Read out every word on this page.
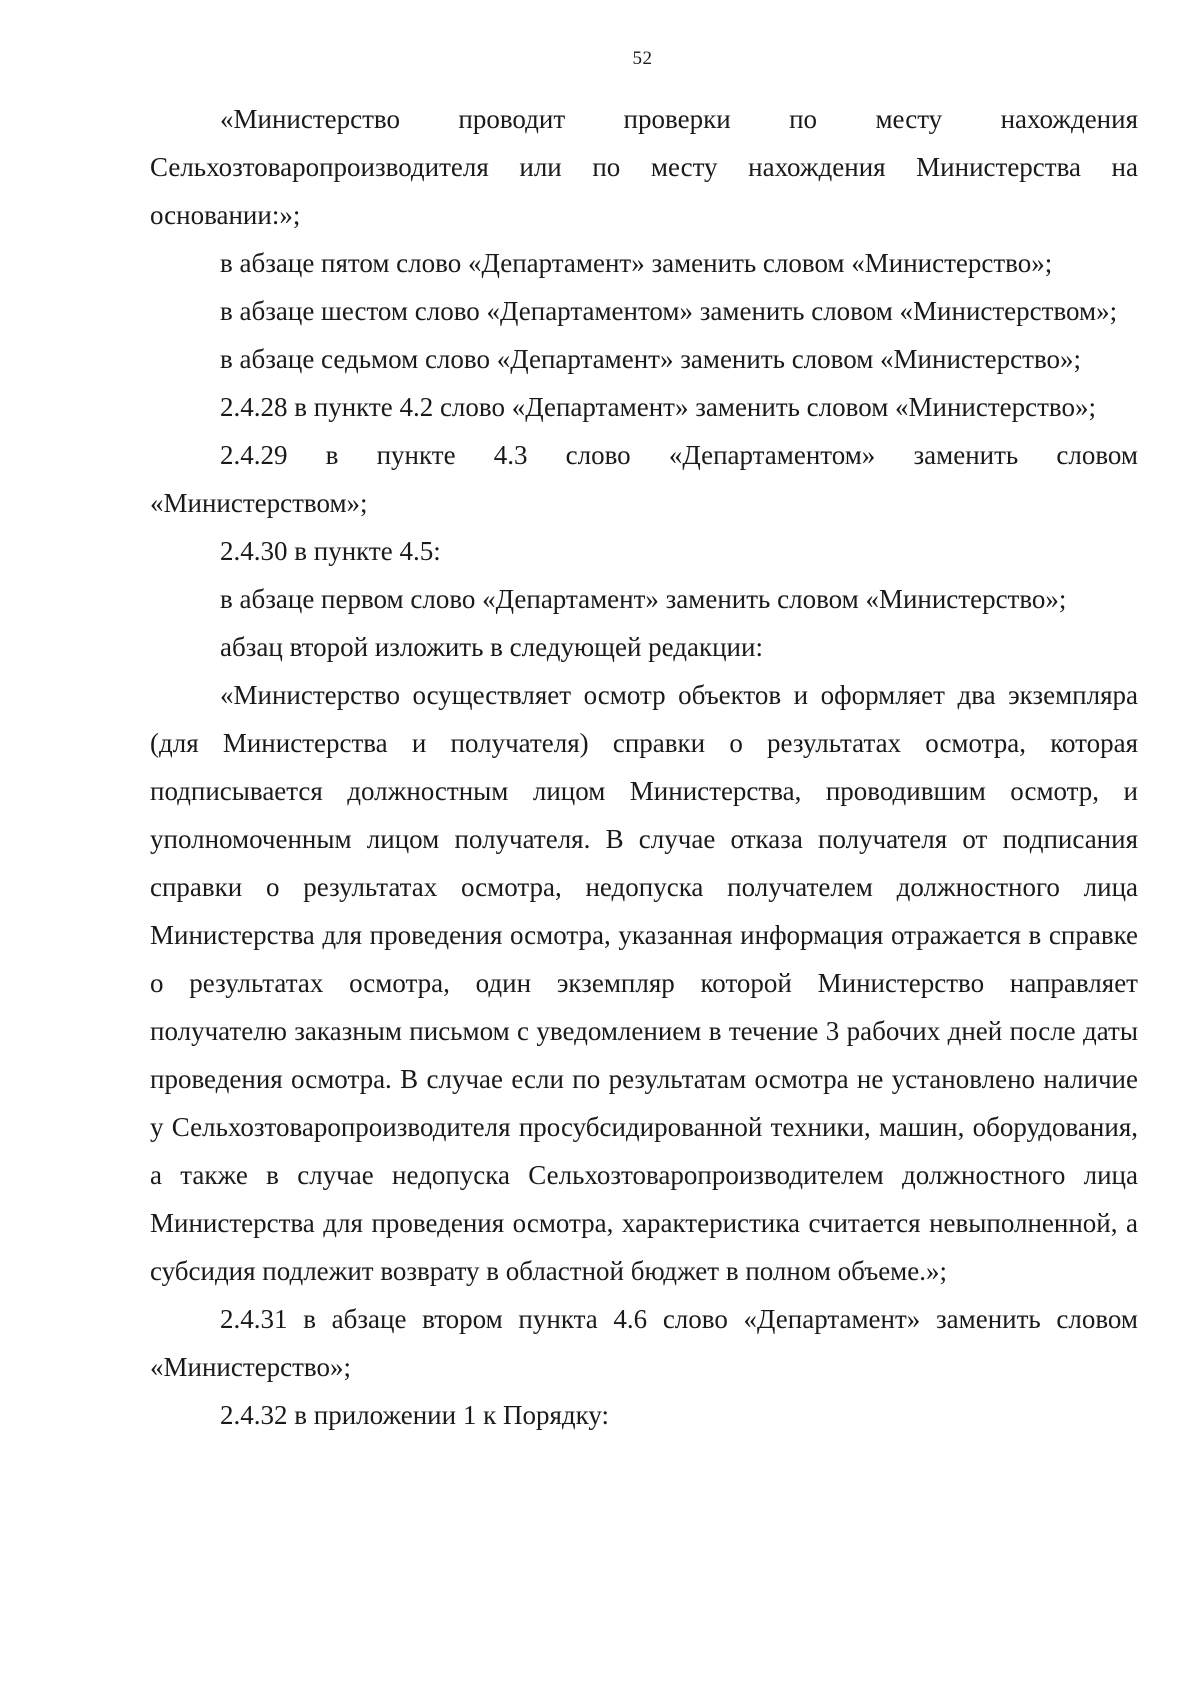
52

«Министерство проводит проверки по месту нахождения Сельхозтоваропроизводителя или по месту нахождения Министерства на основании:»;

в абзаце пятом слово «Департамент» заменить словом «Министерство»;

в абзаце шестом слово «Департаментом» заменить словом «Министерством»;

в абзаце седьмом слово «Департамент» заменить словом «Министерство»;

2.4.28 в пункте 4.2 слово «Департамент» заменить словом «Министерство»;

2.4.29 в пункте 4.3 слово «Департаментом» заменить словом «Министерством»;

2.4.30 в пункте 4.5:

в абзаце первом слово «Департамент» заменить словом «Министерство»;

абзац второй изложить в следующей редакции:

«Министерство осуществляет осмотр объектов и оформляет два экземпляра (для Министерства и получателя) справки о результатах осмотра, которая подписывается должностным лицом Министерства, проводившим осмотр, и уполномоченным лицом получателя. В случае отказа получателя от подписания справки о результатах осмотра, недопуска получателем должностного лица Министерства для проведения осмотра, указанная информация отражается в справке о результатах осмотра, один экземпляр которой Министерство направляет получателю заказным письмом с уведомлением в течение 3 рабочих дней после даты проведения осмотра. В случае если по результатам осмотра не установлено наличие у Сельхозтоваропроизводителя просубсидированной техники, машин, оборудования, а также в случае недопуска Сельхозтоваропроизводителем должностного лица Министерства для проведения осмотра, характеристика считается невыполненной, а субсидия подлежит возврату в областной бюджет в полном объеме.»;

2.4.31 в абзаце втором пункта 4.6 слово «Департамент» заменить словом «Министерство»;

2.4.32 в приложении 1 к Порядку:
